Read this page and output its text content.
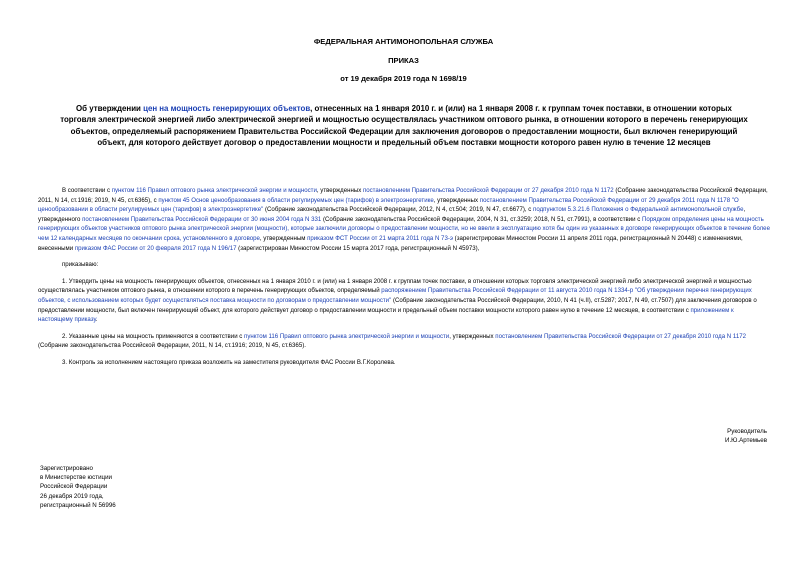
ФЕДЕРАЛЬНАЯ АНТИМОНОПОЛЬНАЯ СЛУЖБА
ПРИКАЗ
от 19 декабря 2019 года N 1698/19
Об утверждении цен на мощность генерирующих объектов, отнесенных на 1 января 2010 г. и (или) на 1 января 2008 г. к группам точек поставки, в отношении которых торговля электрической энергией либо электрической энергией и мощностью осуществлялась участником оптового рынка, в отношении которого в перечень генерирующих объектов, определяемый распоряжением Правительства Российской Федерации для заключения договоров о предоставлении мощности, был включен генерирующий объект, для которого действует договор о предоставлении мощности и предельный объем поставки мощности которого равен нулю в течение 12 месяцев

В соответствии с пунктом 116 Правил оптового рынка электрической энергии и мощности, утвержденных постановлением Правительства Российской Федерации от 27 декабря 2010 года N 1172 (Собрание законодательства Российской Федерации, 2011, N 14, ст.1916; 2019, N 45, ст.6365), с пунктом 45 Основ ценообразования в области регулируемых цен (тарифов) в электроэнергетике, утвержденных постановлением Правительства Российской Федерации от 29 декабря 2011 года N 1178 "О ценообразовании в области регулируемых цен (тарифов) в электроэнергетике" (Собрание законодательства Российской Федерации, 2012, N 4, ст.504; 2019, N 47, ст.6677), с подпунктом 5.3.21.6 Положения о Федеральной антимонопольной службе, утвержденного постановлением Правительства Российской Федерации от 30 июня 2004 года N 331 (Собрание законодательства Российской Федерации, 2004, N 31, ст.3259; 2018, N 51, ст.7991), в соответствии с Порядком определения цены на мощность генерирующих объектов участников оптового рынка электрической энергии (мощности), которые заключили договоры о предоставлении мощности, но не ввели в эксплуатацию хотя бы один из указанных в договоре генерирующих объектов в течение более чем 12 календарных месяцев по окончании срока, установленного в договоре, утвержденным приказом ФСТ России от 21 марта 2011 года N 73-э (зарегистрирован Минюстом России 11 апреля 2011 года, регистрационный N 20448) с изменениями, внесенными приказом ФАС России от 20 февраля 2017 года N 196/17 (зарегистрирован Минюстом России 15 марта 2017 года, регистрационный N 45973),

приказываю:

1. Утвердить цены на мощность генерирующих объектов, отнесенных на 1 января 2010 г. и (или) на 1 января 2008 г. к группам точек поставки, в отношении которых торговля электрической энергией либо электрической энергией и мощностью осуществлялась участником оптового рынка, в отношении которого в перечень генерирующих объектов, определяемый распоряжением Правительства Российской Федерации от 11 августа 2010 года N 1334-р "Об утверждении перечня генерирующих объектов, с использованием которых будет осуществляться поставка мощности по договорам о предоставлении мощности" (Собрание законодательства Российской Федерации, 2010, N 41 (ч.II), ст.5287; 2017, N 49, ст.7507) для заключения договоров о предоставлении мощности, был включен генерирующий объект, для которого действует договор о предоставлении мощности и предельный объем поставки мощности которого равен нулю в течение 12 месяцев, в соответствии с приложением к настоящему приказу.

2. Указанные цены на мощность применяются в соответствии с пунктом 116 Правил оптового рынка электрической энергии и мощности, утвержденных постановлением Правительства Российской Федерации от 27 декабря 2010 года N 1172 (Собрание законодательства Российской Федерации, 2011, N 14, ст.1916; 2019, N 45, ст.6365).

3. Контроль за исполнением настоящего приказа возложить на заместителя руководителя ФАС России В.Г.Королева.

Руководитель
И.Ю.Артемьев
Зарегистрировано
в Министерстве юстиции
Российской Федерации
26 декабря 2019 года,
регистрационный N 56996
